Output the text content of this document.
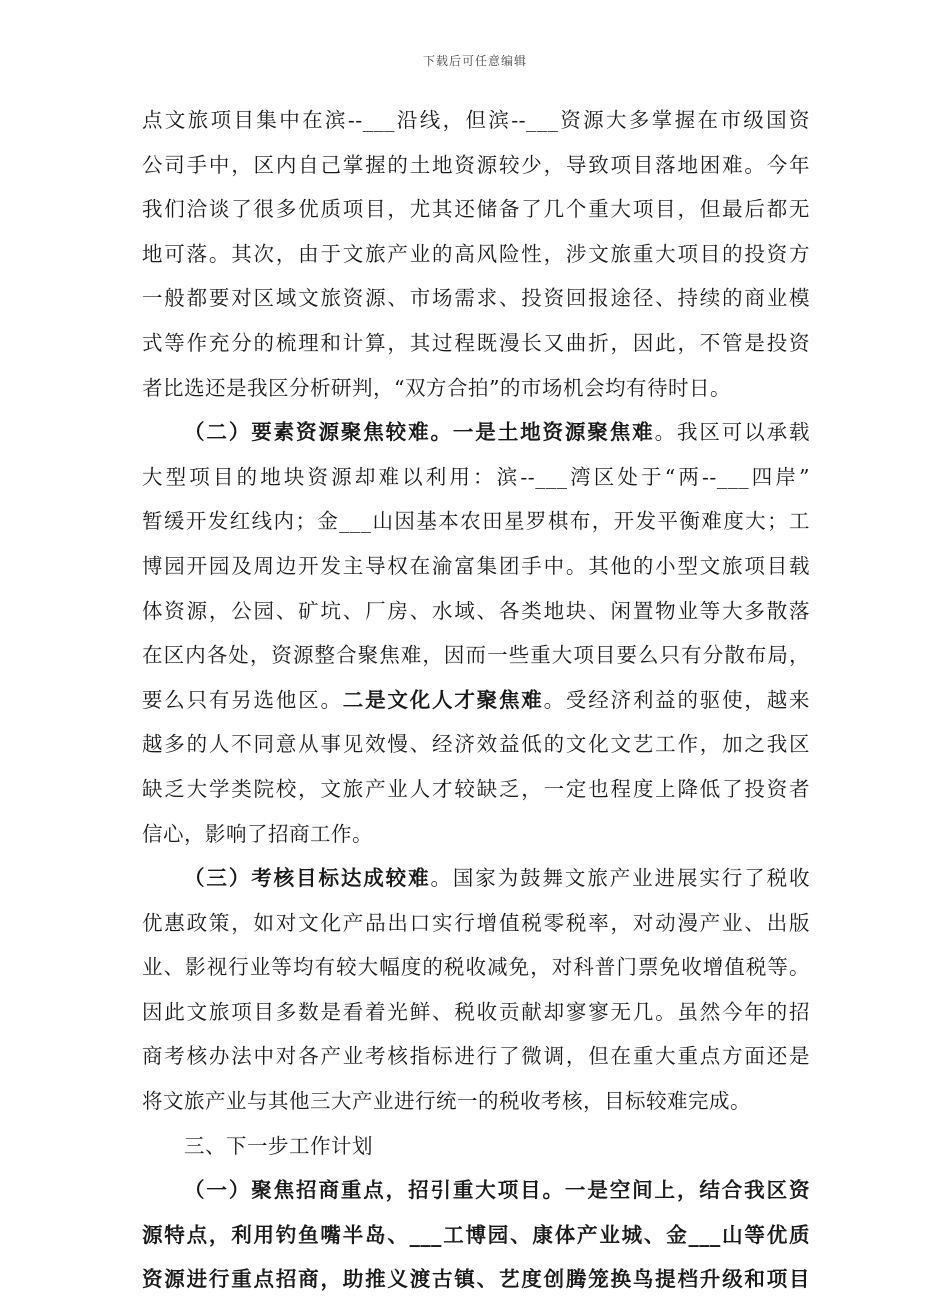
下载后可任意编辑
点文旅项目集中在滨--___沿线，但滨--___资源大多掌握在市级国资
公司手中，区内自己掌握的土地资源较少，导致项目落地困难。今年
我们洽谈了很多优质项目，尤其还储备了几个重大项目，但最后都无
地可落。其次，由于文旅产业的高风险性，涉文旅重大项目的投资方
一般都要对区域文旅资源、市场需求、投资回报途径、持续的商业模
式等作充分的梳理和计算，其过程既漫长又曲折，因此，不管是投资
者比选还是我区分析研判，“双方合拍”的市场机会均有待时日。
（二）要素资源聚焦较难。一是土地资源聚焦难。我区可以承载
大型项目的地块资源却难以利用：滨--___湾区处于“两--___四岸”
暂缓开发红线内；金___山因基本农田星罗棋布，开发平衡难度大；工
博园开园及周边开发主导权在渝富集团手中。其他的小型文旅项目载
体资源，公园、矿坑、厂房、水域、各类地块、闲置物业等大多散落
在区内各处，资源整合聚焦难，因而一些重大项目要么只有分散布局，
要么只有另选他区。二是文化人才聚焦难。受经济利益的驱使，越来
越多的人不同意从事见效慢、经济效益低的文化文艺工作，加之我区
缺乏大学类院校，文旅产业人才较缺乏，一定也程度上降低了投资者
信心，影响了招商工作。
（三）考核目标达成较难。国家为鼓舞文旅产业进展实行了税收
优惠政策，如对文化产品出口实行增值税零税率，对动漫产业、出版
业、影视行业等均有较大幅度的税收减免，对科普门票免收增值税等。
因此文旅项目多数是看着光鲜、税收贡献却寥寥无几。虽然今年的招
商考核办法中对各产业考核指标进行了微调，但在重大重点方面还是
将文旅产业与其他三大产业进行统一的税收考核，目标较难完成。
三、下一步工作计划
（一）聚焦招商重点，招引重大项目。一是空间上，结合我区资
源特点，利用钓鱼嘴半岛、___工博园、康体产业城、金___山等优质
资源进行重点招商，助推义渡古镇、艺度创腾笼换鸟提档升级和项目
